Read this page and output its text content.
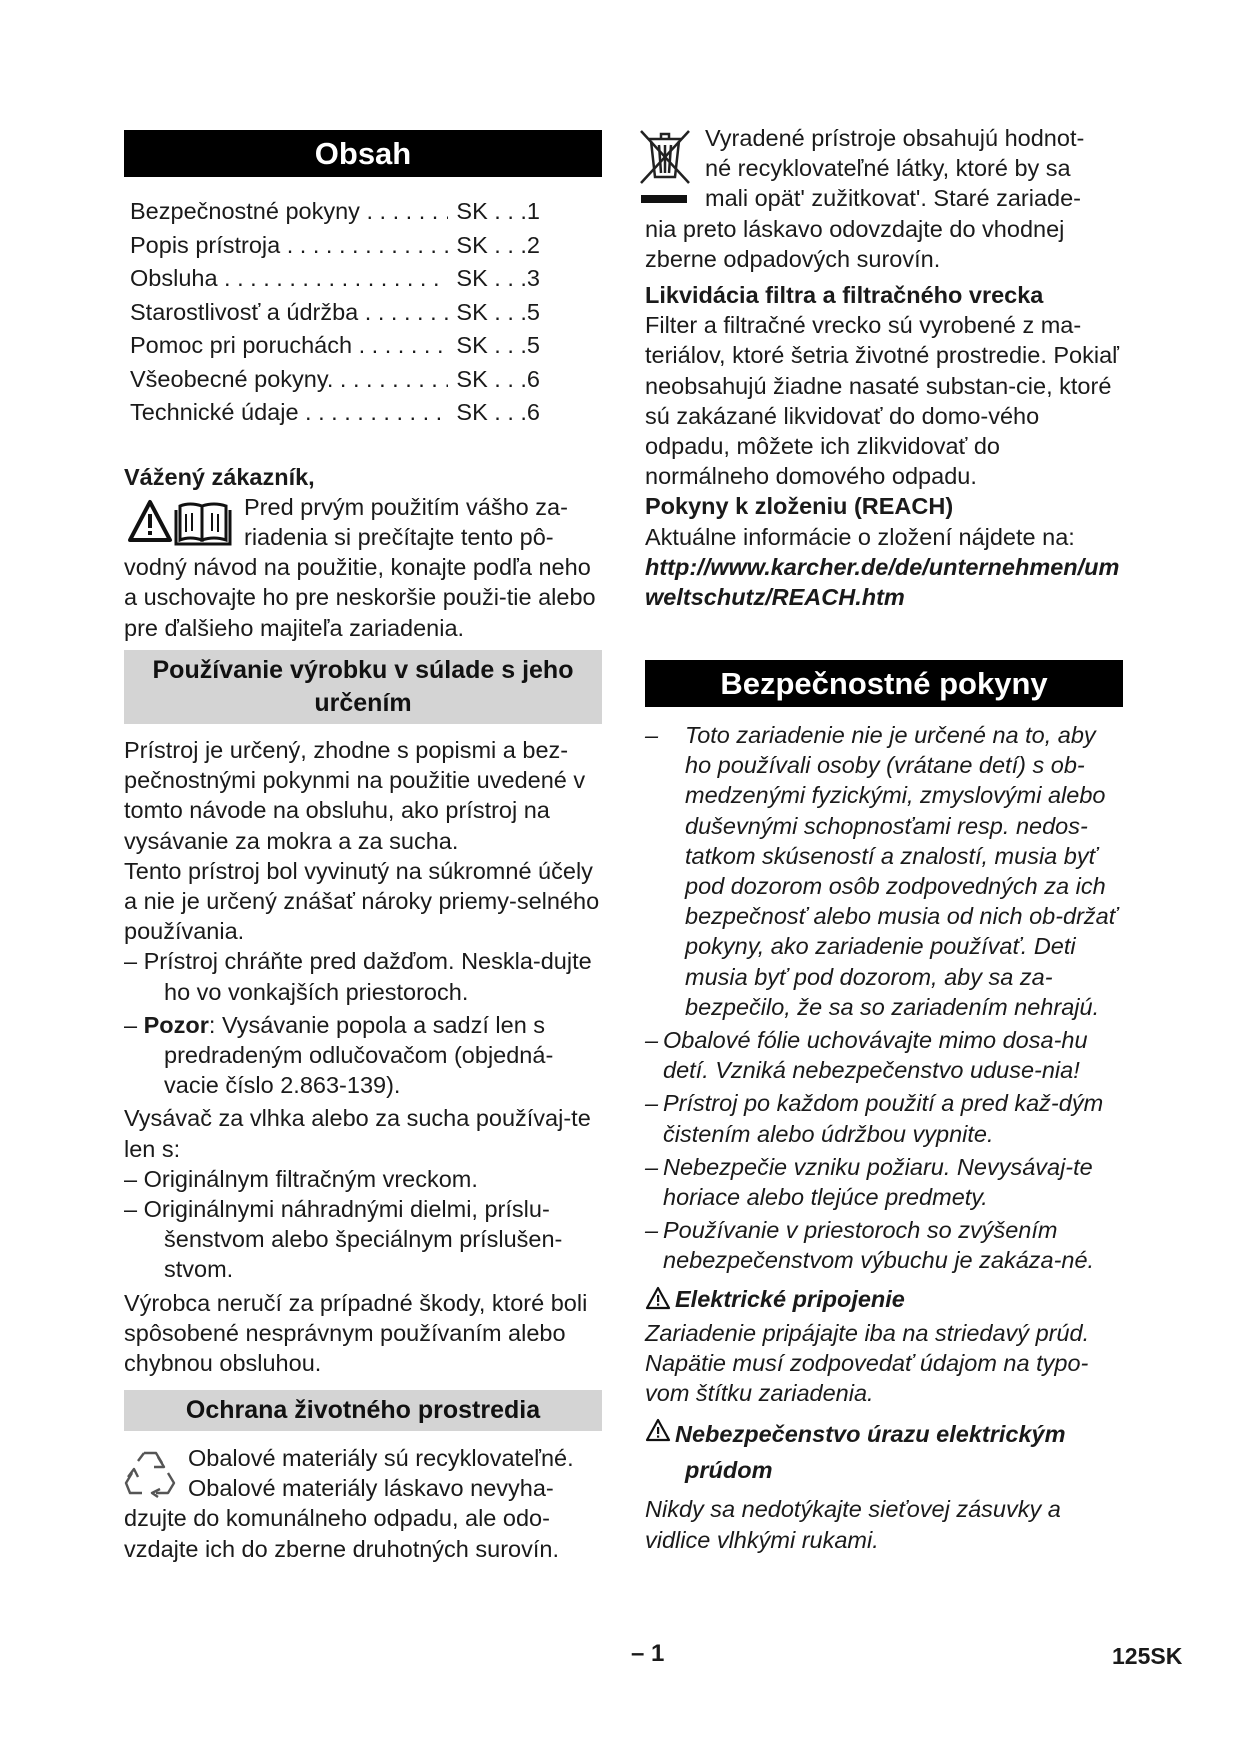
Obsah
Bezpečnostné pokyny . . .	SK . . .1
Popis prístroja . . .	SK . . .2
Obsluha . . .	SK . . .3
Starostlivosť a údržba . . .	SK . . .5
Pomoc pri poruchách . . .	SK . . .5
Všeobecné pokyny. . . .	SK . . .6
Technické údaje . . .	SK . . .6

Vážený zákazník,

Pred prvým použitím vášho za-

riadenia si prečítajte tento pô-

vodný návod na použitie, konajte podľa neho a uschovajte ho pre neskoršie použi-tie alebo pre ďalšieho majiteľa zariadenia.

Používanie výrobku v súlade s jeho určením

Prístroj je určený, zhodne s popismi a bez-pečnostnými pokynmi na použitie uvedené v tomto návode na obsluhu, ako prístroj na vysávanie za mokra a za sucha.

Tento prístroj bol vyvinutý na súkromné účely a nie je určený znášať nároky priemy-selného používania.

– Prístroj chráňte pred dažďom. Neskla-dujte ho vo vonkajších priestoroch.

– Pozor: Vysávanie popola a sadzí len s predradeným odlučovačom (objedná-vacie číslo 2.863-139).

Vysávač za vlhka alebo za sucha používaj-te len s:

– Originálnym filtračným vreckom.

– Originálnymi náhradnými dielmi, príslu-šenstvom alebo špeciálnym príslušen-stvom.

Výrobca neručí za prípadné škody, ktoré boli spôsobené nesprávnym používaním alebo chybnou obsluhou.

Ochrana životného prostredia

Obalové materiály sú recyklovateľné.

Obalové materiály láskavo nevyha-

dzujte do komunálneho odpadu, ale odo-vzdajte ich do zberne druhotných surovín.

Vyradené prístroje obsahujú hodnot-

né recyklovateľné látky, ktoré by sa

mali opät' zužitkovat'. Staré zariade-

nia preto láskavo odovzdajte do vhodnej zberne odpadových surovín.

Likvidácia filtra a filtračného vrecka

Filter a filtračné vrecko sú vyrobené z ma-teriálov, ktoré šetria životné prostredie. Pokiaľ neobsahujú žiadne nasaté substan-cie, ktoré sú zakázané likvidovať do domo-vého odpadu, môžete ich zlikvidovať do normálneho domového odpadu.

Pokyny k zloženiu (REACH)

Aktuálne informácie o zložení nájdete na:

http://www.karcher.de/de/unternehmen/umweltschutz/REACH.htm

Bezpečnostné pokyny
–	Toto zariadenie nie je určené na to, aby ho používali osoby (vrátane detí) s ob-medzenými fyzickými, zmyslovými alebo duševnými schopnosťami resp. nedos-tatkom skúseností a znalostí, musia byť pod dozorom osôb zodpovedných za ich bezpečnosť alebo musia od nich ob-držať pokyny, ako zariadenie používať. Deti musia byť pod dozorom, aby sa za-bezpečilo, že sa so zariadením nehrajú.

– Obalové fólie uchovávajte mimo dosa-hu detí. Vzniká nebezpečenstvo uduse-nia!

– Prístroj po každom použití a pred kaž-dým čistením alebo údržbou vypnite.

– Nebezpečie vzniku požiaru. Nevysávaj-te horiace alebo tlejúce predmety.

– Používanie v priestoroch so zvýšením nebezpečenstvom výbuchu je zakáza-né.

Elektrické pripojenie

Zariadenie pripájajte iba na striedavý prúd. Napätie musí zodpovedať údajom na typo-vom štítku zariadenia.

Nebezpečenstvo úrazu elektrickým
prúdom

Nikdy sa nedotýkajte sieťovej zásuvky a vidlice vlhkými rukami.

– 1	125SK
